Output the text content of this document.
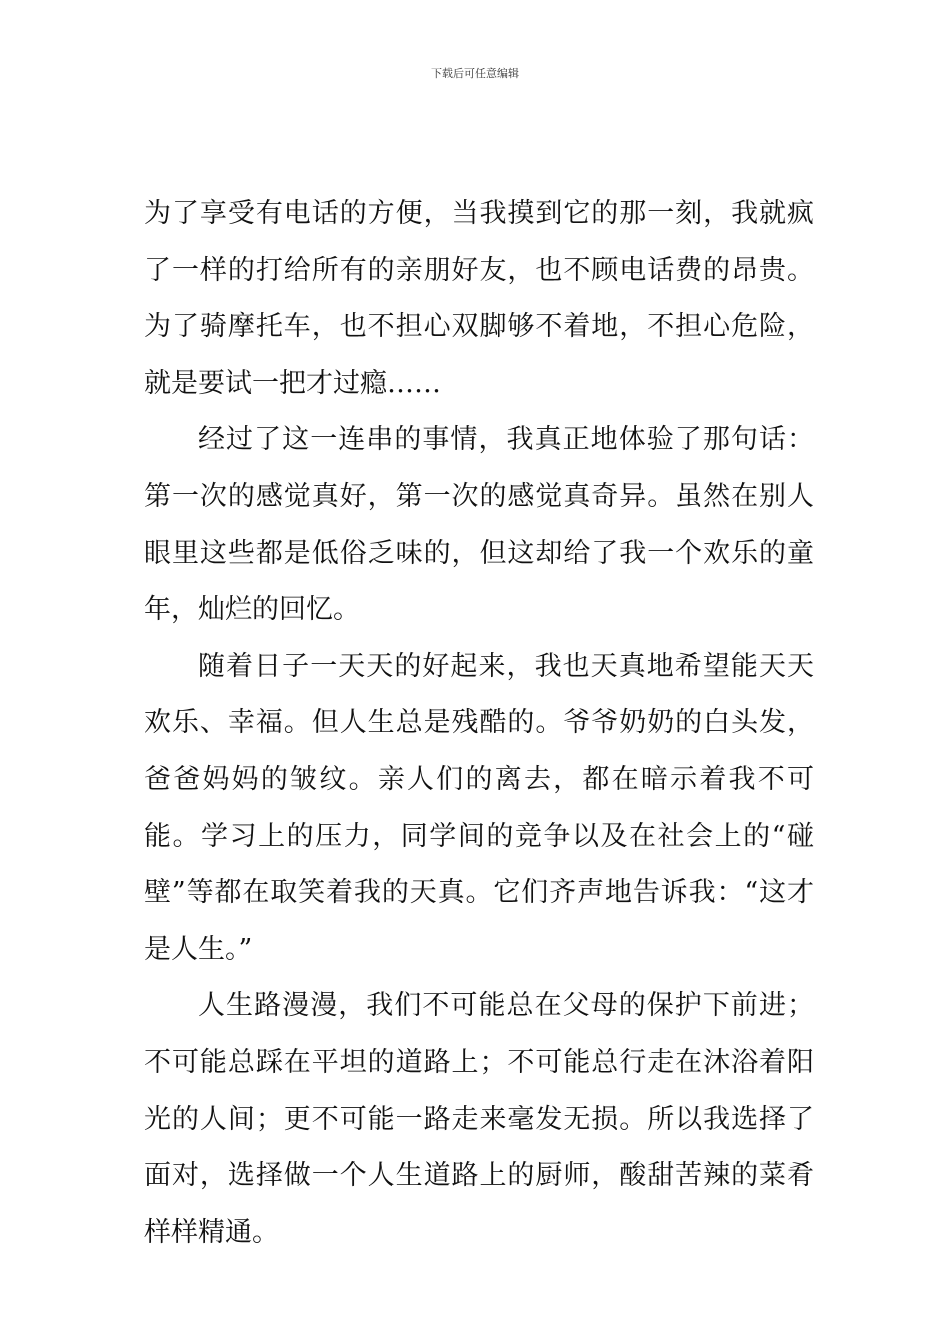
下载后可任意编辑

为了享受有电话的方便，当我摸到它的那一刻，我就疯了一样的打给所有的亲朋好友，也不顾电话费的昂贵。为了骑摩托车，也不担心双脚够不着地，不担心危险，就是要试一把才过瘾……

经过了这一连串的事情，我真正地体验了那句话：第一次的感觉真好，第一次的感觉真奇异。虽然在别人眼里这些都是低俗乏味的，但这却给了我一个欢乐的童年，灿烂的回忆。

随着日子一天天的好起来，我也天真地希望能天天欢乐、幸福。但人生总是残酷的。爷爷奶奶的白头发，爸爸妈妈的皱纹。亲人们的离去，都在暗示着我不可能。学习上的压力，同学间的竞争以及在社会上的“碰壁”等都在取笑着我的天真。它们齐声地告诉我：“这才是人生。”

人生路漫漫，我们不可能总在父母的保护下前进；不可能总踩在平坦的道路上；不可能总行走在沐浴着阳光的人间；更不可能一路走来毫发无损。所以我选择了面对，选择做一个人生道路上的厨师，酸甜苦辣的菜肴样样精通。
